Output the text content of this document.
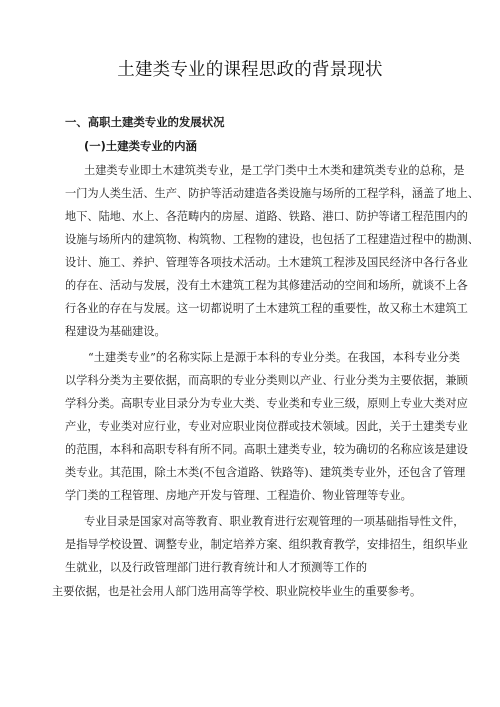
土建类专业的课程思政的背景现状
一、高职土建类专业的发展状况
(一)土建类专业的内涵
土建类专业即土木建筑类专业，是工学门类中土木类和建筑类专业的总称，是
一门为人类生活、生产、防护等活动建造各类设施与场所的工程学科，涵盖了地上、
地下、陆地、水上、各范畴内的房屋、道路、铁路、港口、防护等诸工程范围内的
设施与场所内的建筑物、构筑物、工程物的建设，也包括了工程建造过程中的勘测、
设计、施工、养护、管理等各项技术活动。土木建筑工程涉及国民经济中各行各业
的存在、活动与发展，没有土木建筑工程为其修建活动的空间和场所，就谈不上各
行各业的存在与发展。这一切都说明了土木建筑工程的重要性，故又称土木建筑工
程建设为基础建设。
“土建类专业”的名称实际上是源于本科的专业分类。在我国，本科专业分类
以学科分类为主要依据，而高职的专业分类则以产业、行业分类为主要依据，兼顾
学科分类。高职专业目录分为专业大类、专业类和专业三级，原则上专业大类对应
产业，专业类对应行业，专业对应职业岗位群或技术领域。因此，关于土建类专业
的范围，本科和高职专科有所不同。高职土建类专业，较为确切的名称应该是建设
类专业。其范围，除土木类(不包含道路、铁路等)、建筑类专业外，还包含了管理
学门类的工程管理、房地产开发与管理、工程造价、物业管理等专业。
专业目录是国家对高等教育、职业教育进行宏观管理的一项基础指导性文件，
是指导学校设置、调整专业，制定培养方案、组织教育教学，安排招生，组织毕业
生就业，以及行政管理部门进行教育统计和人才预测等工作的
主要依据，也是社会用人部门选用高等学校、职业院校毕业生的重要参考。
